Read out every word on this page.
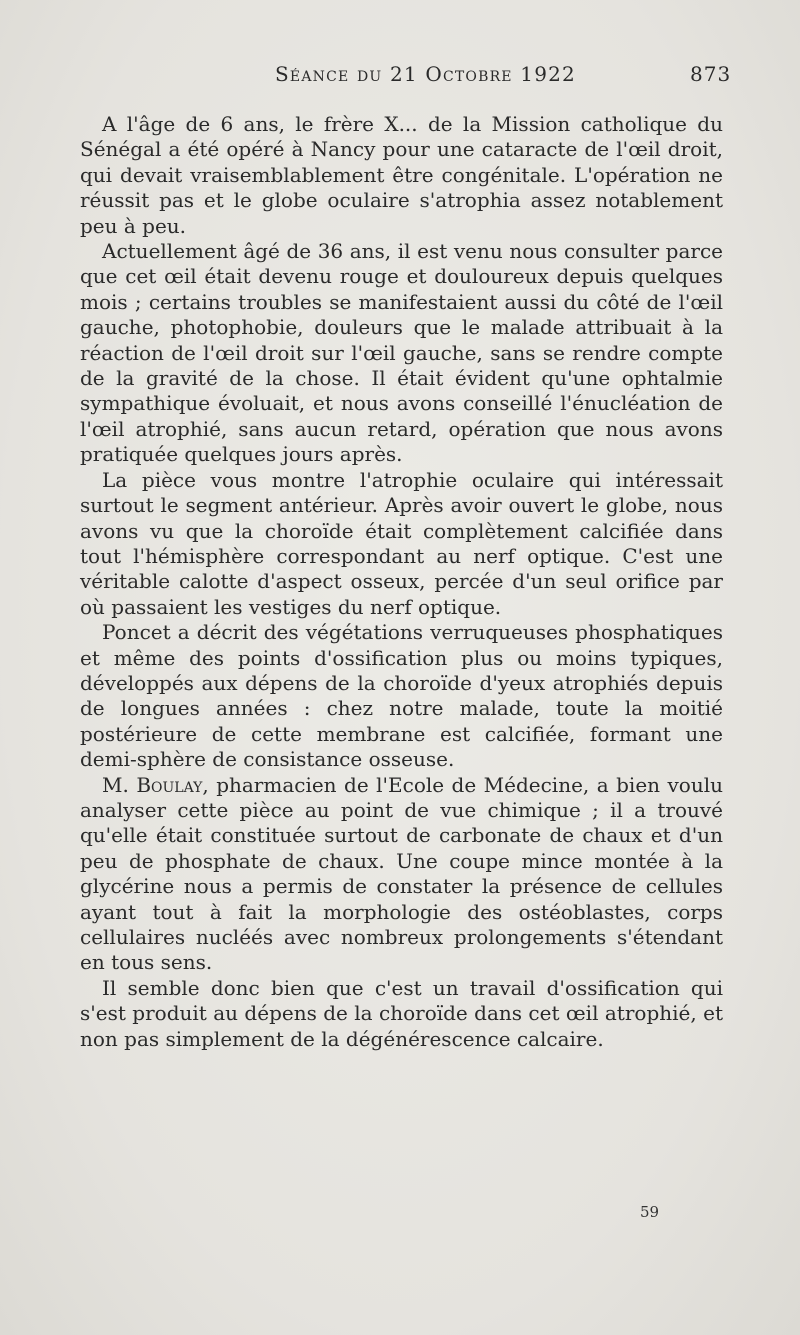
Séance du 21 Octobre 1922	873

A l'âge de 6 ans, le frère X... de la Mission catholique du Sénégal a été opéré à Nancy pour une cataracte de l'œil droit, qui devait vraisemblablement être congénitale. L'opération ne réussit pas et le globe oculaire s'atrophia assez notablement peu à peu.

Actuellement âgé de 36 ans, il est venu nous consulter parce que cet œil était devenu rouge et douloureux depuis quelques mois ; certains troubles se manifestaient aussi du côté de l'œil gauche, photophobie, douleurs que le malade attribuait à la réaction de l'œil droit sur l'œil gauche, sans se rendre compte de la gravité de la chose. Il était évident qu'une ophtalmie sympathique évoluait, et nous avons conseillé l'énucléation de l'œil atrophié, sans aucun retard, opération que nous avons pratiquée quelques jours après.

La pièce vous montre l'atrophie oculaire qui intéressait surtout le segment antérieur. Après avoir ouvert le globe, nous avons vu que la choroïde était complètement calcifiée dans tout l'hémisphère correspondant au nerf optique. C'est une véritable calotte d'aspect osseux, percée d'un seul orifice par où passaient les vestiges du nerf optique.

Poncet a décrit des végétations verruqueuses phosphatiques et même des points d'ossification plus ou moins typiques, développés aux dépens de la choroïde d'yeux atrophiés depuis de longues années : chez notre malade, toute la moitié postérieure de cette membrane est calcifiée, formant une demi-sphère de consistance osseuse.

M. Boulay, pharmacien de l'Ecole de Médecine, a bien voulu analyser cette pièce au point de vue chimique ; il a trouvé qu'elle était constituée surtout de carbonate de chaux et d'un peu de phosphate de chaux. Une coupe mince montée à la glycérine nous a permis de constater la présence de cellules ayant tout à fait la morphologie des ostéoblastes, corps cellulaires nucléés avec nombreux prolongements s'étendant en tous sens.

Il semble donc bien que c'est un travail d'ossification qui s'est produit au dépens de la choroïde dans cet œil atrophié, et non pas simplement de la dégénérescence calcaire.

59
